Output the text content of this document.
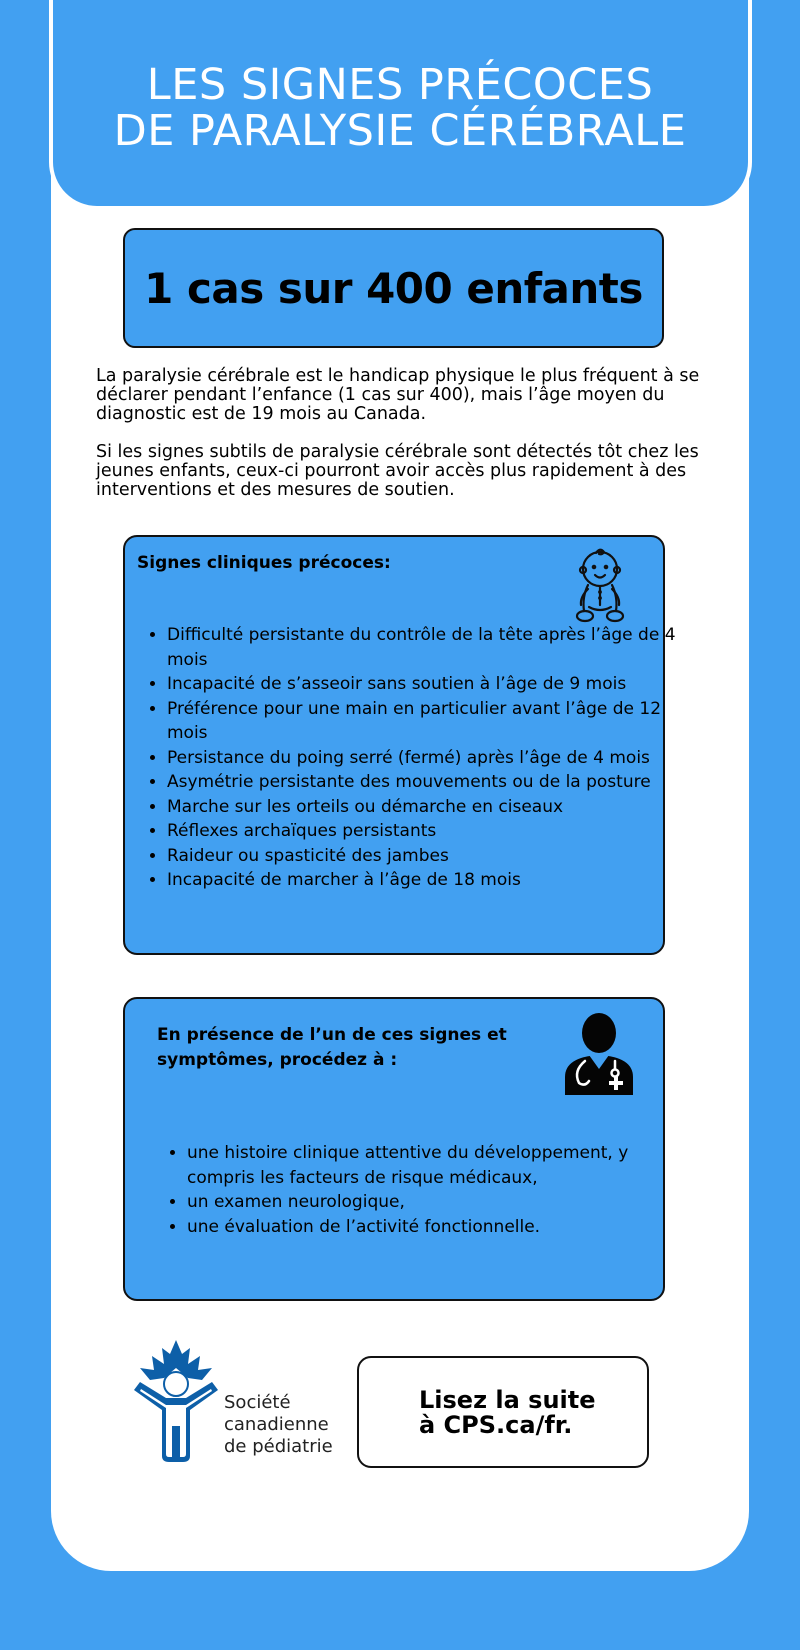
LES SIGNES PRÉCOCES
DE PARALYSIE CÉRÉBRALE
1 cas sur 400 enfants

La paralysie cérébrale est le handicap physique le plus fréquent à se déclarer pendant l’enfance (1 cas sur 400), mais l’âge moyen du diagnostic est de 19 mois au Canada.

Si les signes subtils de paralysie cérébrale sont détectés tôt chez les jeunes enfants, ceux-ci pourront avoir accès plus rapidement à des interventions et des mesures de soutien.

Signes cliniques précoces:
• Difficulté persistante du contrôle de la tête après l’âge de 4 mois
• Incapacité de s’asseoir sans soutien à l’âge de 9 mois
• Préférence pour une main en particulier avant l’âge de 12 mois
• Persistance du poing serré (fermé) après l’âge de 4 mois
• Asymétrie persistante des mouvements ou de la posture
• Marche sur les orteils ou démarche en ciseaux
• Réflexes archaïques persistants
• Raideur ou spasticité des jambes
• Incapacité de marcher à l’âge de 18 mois
En présence de l’un de ces signes et symptômes, procédez à :
• une histoire clinique attentive du développement, y compris les facteurs de risque médicaux,
• un examen neurologique,
• une évaluation de l’activité fonctionnelle.
Société
canadienne
de pédiatrie
Lisez la suite
à CPS.ca/fr.
